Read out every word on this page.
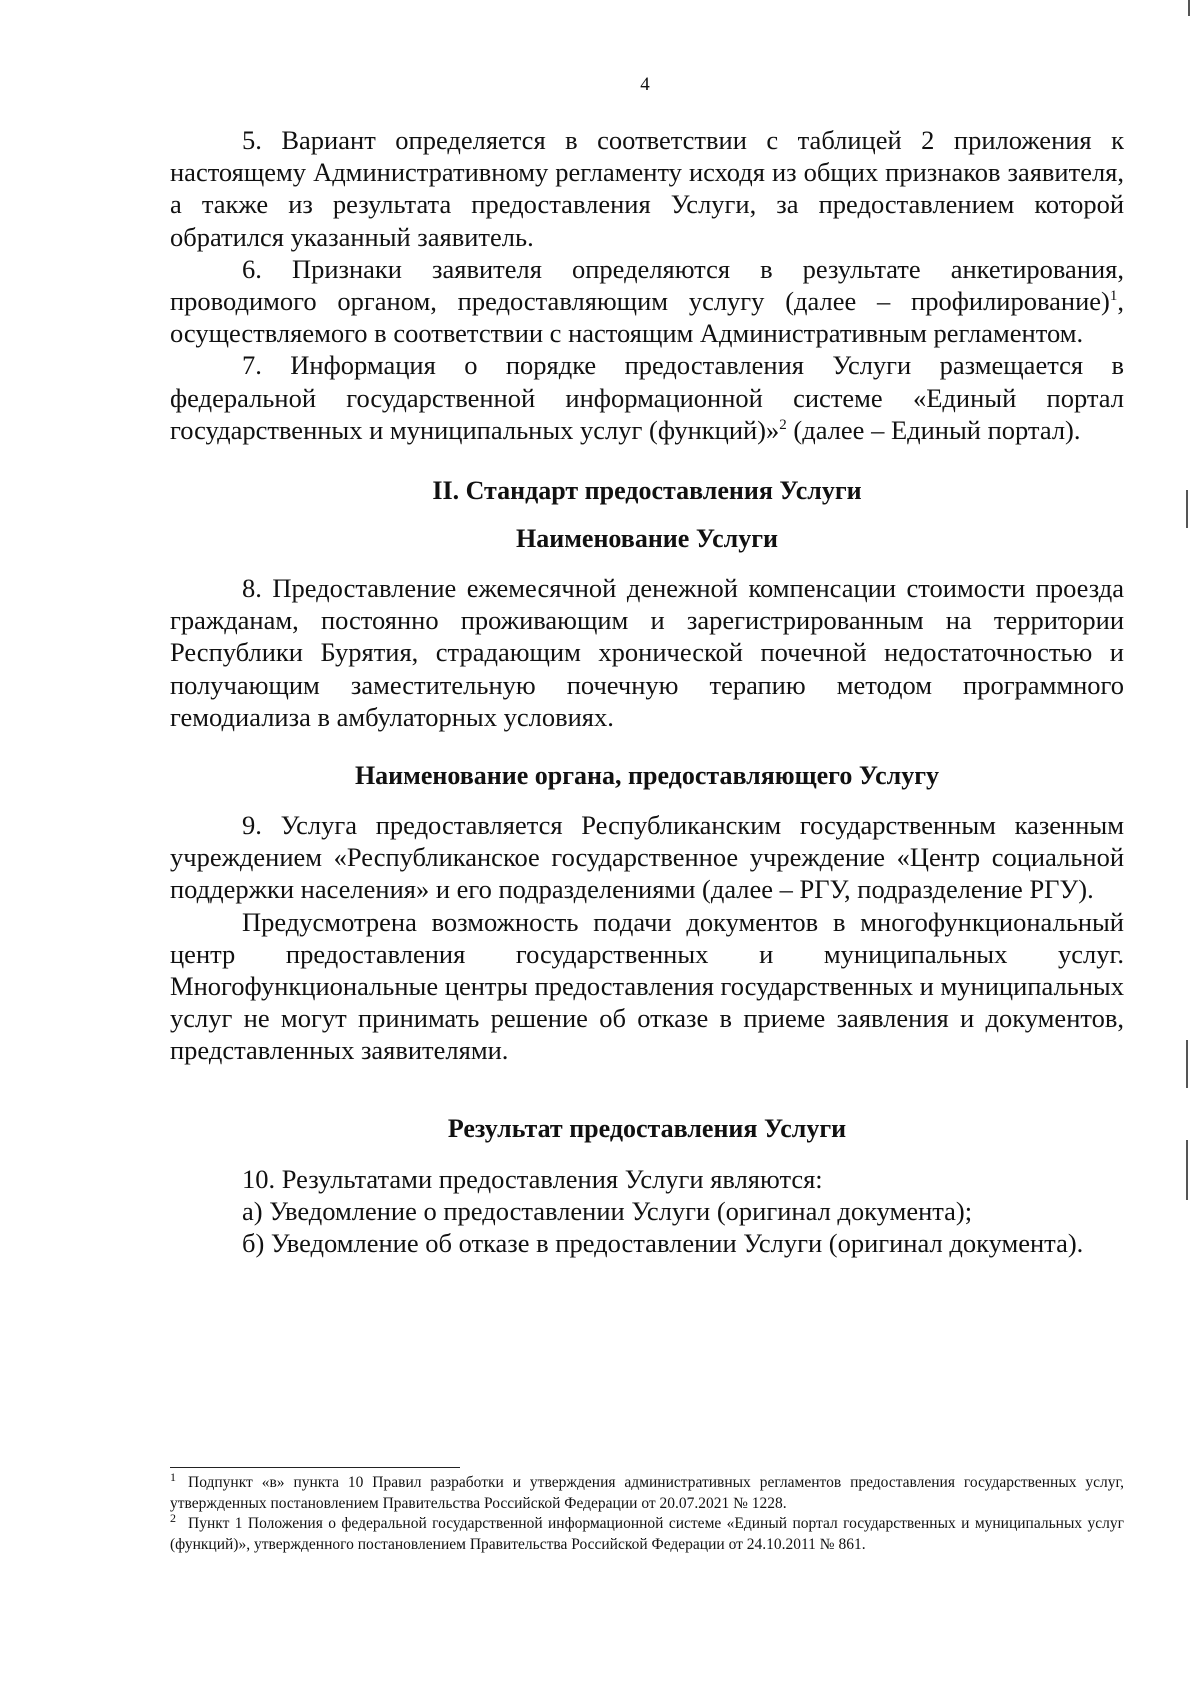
4

5. Вариант определяется в соответствии с таблицей 2 приложения к настоящему Административному регламенту исходя из общих признаков заявителя, а также из результата предоставления Услуги, за предоставлением которой обратился указанный заявитель.

6. Признаки заявителя определяются в результате анкетирования, проводимого органом, предоставляющим услугу (далее – профилирование)$^1$, осуществляемого в соответствии с настоящим Административным регламентом.

7. Информация о порядке предоставления Услуги размещается в федеральной государственной информационной системе «Единый портал государственных и муниципальных услуг (функций)»$^2$ (далее – Единый портал).

II. Стандарт предоставления Услуги
Наименование Услуги

8. Предоставление ежемесячной денежной компенсации стоимости проезда гражданам, постоянно проживающим и зарегистрированным на территории Республики Бурятия, страдающим хронической почечной недостаточностью и получающим заместительную почечную терапию методом программного гемодиализа в амбулаторных условиях.

Наименование органа, предоставляющего Услугу

9. Услуга предоставляется Республиканским государственным казенным учреждением «Республиканское государственное учреждение «Центр социальной поддержки населения» и его подразделениями (далее – РГУ, подразделение РГУ).

Предусмотрена возможность подачи документов в многофункциональный центр предоставления государственных и муниципальных услуг. Многофункциональные центры предоставления государственных и муниципальных услуг не могут принимать решение об отказе в приеме заявления и документов, представленных заявителями.

Результат предоставления Услуги

10. Результатами предоставления Услуги являются:

а) Уведомление о предоставлении Услуги (оригинал документа);

б) Уведомление об отказе в предоставлении Услуги (оригинал документа).

$^1$ Подпункт «в» пункта 10 Правил разработки и утверждения административных регламентов предоставления государственных услуг, утвержденных постановлением Правительства Российской Федерации от 20.07.2021 № 1228.

$^2$ Пункт 1 Положения о федеральной государственной информационной системе «Единый портал государственных и муниципальных услуг (функций)», утвержденного постановлением Правительства Российской Федерации от 24.10.2011 № 861.
